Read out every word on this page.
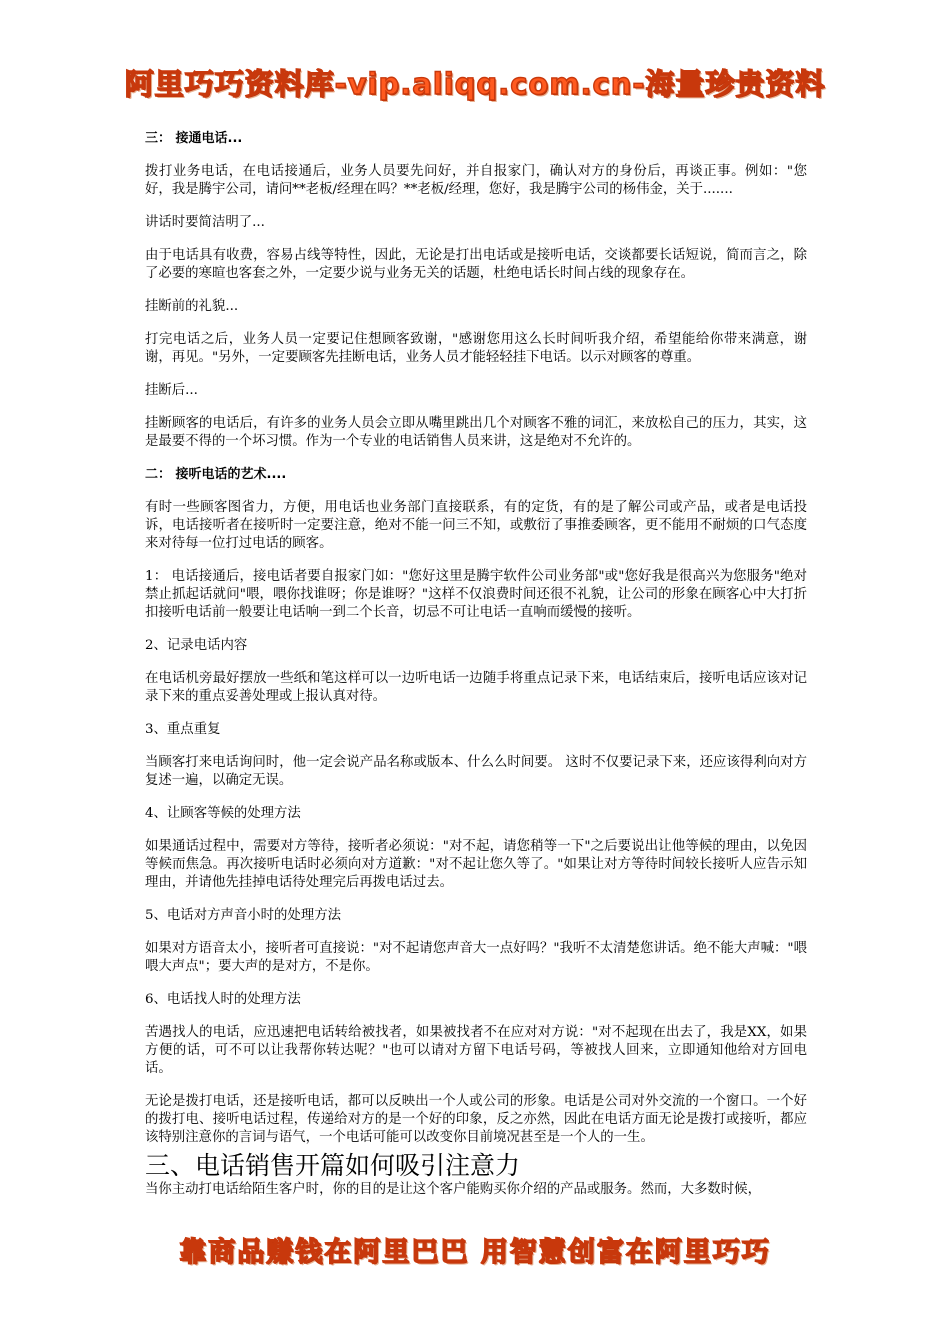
阿里巧巧资料库-vip.aliqq.com.cn-海量珍贵资料
三： 接通电话...
拨打业务电话，在电话接通后，业务人员要先问好，并自报家门，确认对方的身份后，再谈正事。例如："您好，我是腾宇公司，请问**老板/经理在吗？**老板/经理，您好，我是腾宇公司的杨伟金，关于.......
讲话时要简洁明了...
由于电话具有收费，容易占线等特性，因此，无论是打出电话或是接听电话，交谈都要长话短说，简而言之，除了必要的寒暄也客套之外，一定要少说与业务无关的话题，杜绝电话长时间占线的现象存在。
挂断前的礼貌...
打完电话之后，业务人员一定要记住想顾客致谢，"感谢您用这么长时间听我介绍，希望能给你带来满意，谢谢，再见。"另外，一定要顾客先挂断电话，业务人员才能轻轻挂下电话。以示对顾客的尊重。
挂断后...
挂断顾客的电话后，有许多的业务人员会立即从嘴里跳出几个对顾客不雅的词汇，来放松自己的压力，其实，这是最要不得的一个坏习惯。作为一个专业的电话销售人员来讲，这是绝对不允许的。
二： 接听电话的艺术....
有时一些顾客图省力，方便，用电话也业务部门直接联系，有的定货，有的是了解公司或产品，或者是电话投诉，电话接听者在接听时一定要注意，绝对不能一问三不知，或敷衍了事推委顾客，更不能用不耐烦的口气态度来对待每一位打过电话的顾客。
1： 电话接通后，接电话者要自报家门如："您好这里是腾宇软件公司业务部"或"您好我是很高兴为您服务"绝对禁止抓起话就问"喂，喂你找谁呀；你是谁呀？"这样不仅浪费时间还很不礼貌，让公司的形象在顾客心中大打折扣接听电话前一般要让电话响一到二个长音，切忌不可让电话一直响而缓慢的接听。
2、记录电话内容
在电话机旁最好摆放一些纸和笔这样可以一边听电话一边随手将重点记录下来，电话结束后，接听电话应该对记录下来的重点妥善处理或上报认真对待。
3、重点重复
当顾客打来电话询问时，他一定会说产品名称或版本、什么么时间要。 这时不仅要记录下来，还应该得利向对方复述一遍，以确定无误。
4、让顾客等候的处理方法
如果通话过程中，需要对方等待，接听者必须说："对不起，请您稍等一下"之后要说出让他等候的理由，以免因等候而焦急。再次接听电话时必须向对方道歉："对不起让您久等了。"如果让对方等待时间较长接听人应告示知理由，并请他先挂掉电话待处理完后再拨电话过去。
5、电话对方声音小时的处理方法
如果对方语音太小，接听者可直接说："对不起请您声音大一点好吗？"我听不太清楚您讲话。绝不能大声喊："喂喂大声点"；要大声的是对方，不是你。
6、电话找人时的处理方法
苦遇找人的电话，应迅速把电话转给被找者，如果被找者不在应对对方说："对不起现在出去了，我是XX，如果方便的话，可不可以让我帮你转达呢？"也可以请对方留下电话号码，等被找人回来，立即通知他给对方回电话。
无论是拨打电话，还是接听电话，都可以反映出一个人或公司的形象。电话是公司对外交流的一个窗口。一个好的拨打电、接听电话过程，传递给对方的是一个好的印象，反之亦然，因此在电话方面无论是拨打或接听，都应该特别注意你的言词与语气，一个电话可能可以改变你目前境况甚至是一个人的一生。
三、电话销售开篇如何吸引注意力
当你主动打电话给陌生客户时，你的目的是让这个客户能购买你介绍的产品或服务。然而，大多数时候，
靠商品赚钱在阿里巴巴 用智慧创富在阿里巧巧
